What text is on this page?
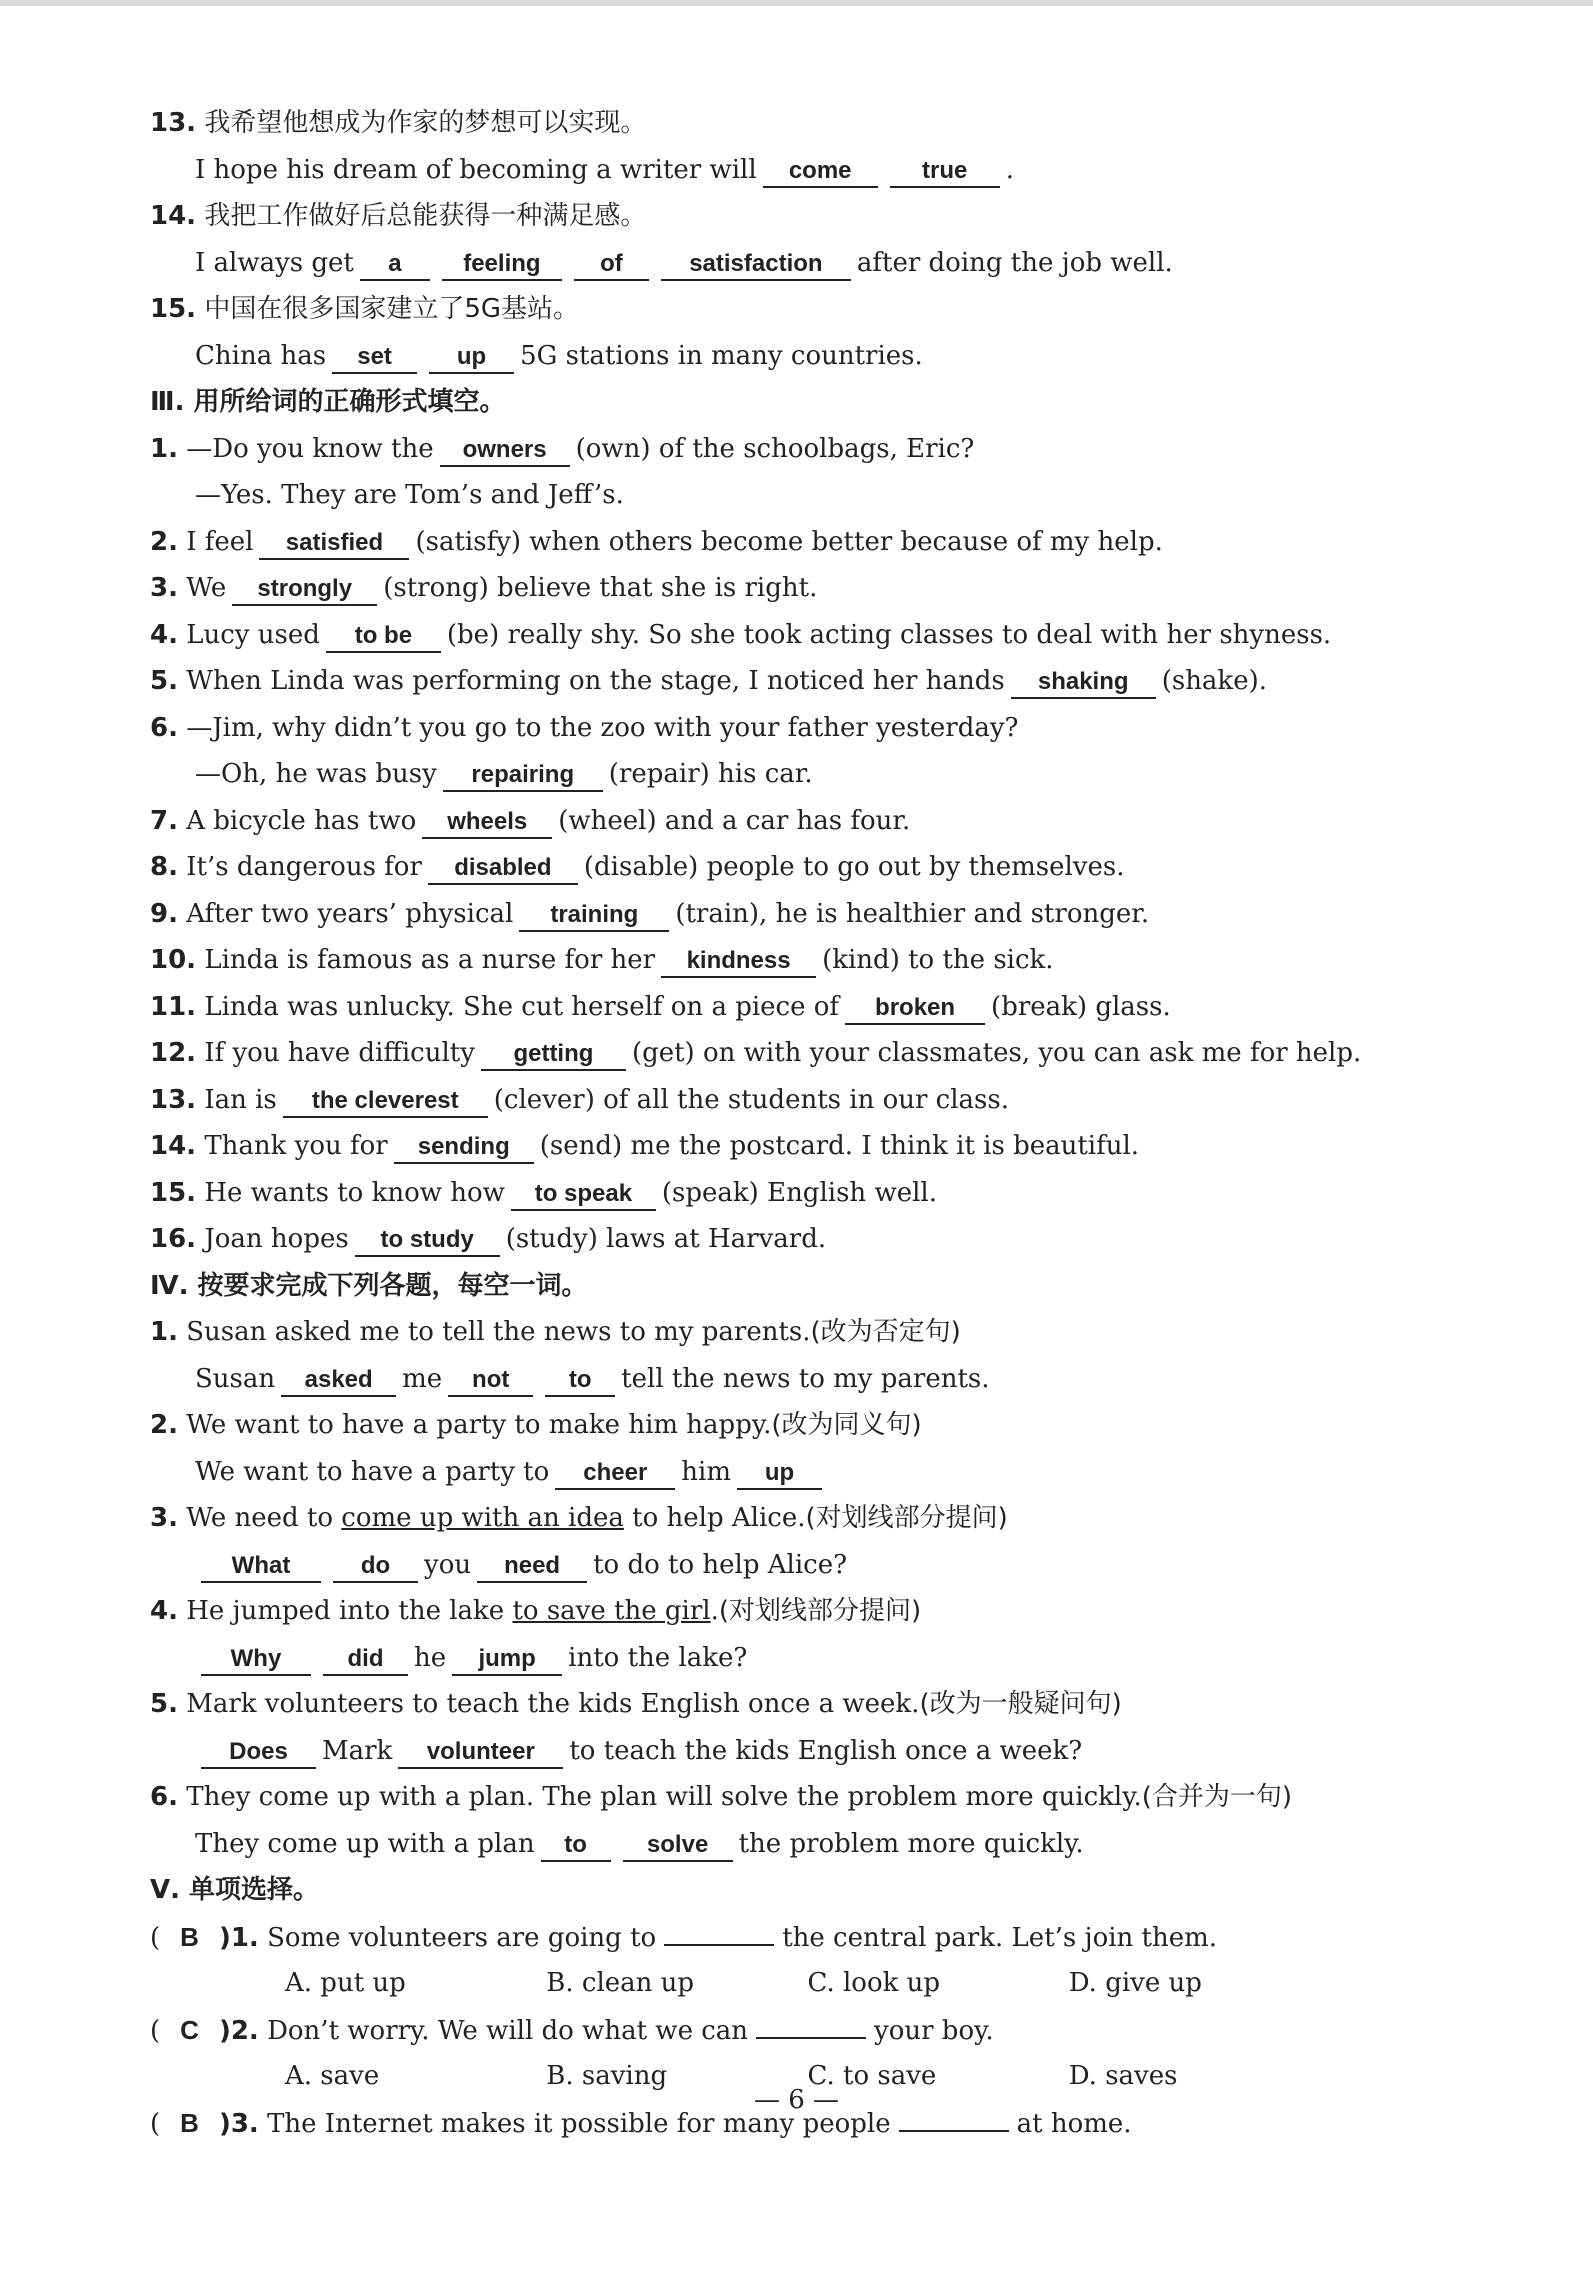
13. 我希望他想成为作家的梦想可以实现。
I hope his dream of becoming a writer will come	true .
14. 我把工作做好后总能获得一种满足感。
I always get a	feeling of	satisfaction after doing the job well.
15. 中国在很多国家建立了5G基站。
China has set	up 5G stations in many countries.
Ⅲ. 用所给词的正确形式填空。
1. —Do you know the owners (own) of the schoolbags, Eric?
—Yes. They are Tom’s and Jeff’s.
2. I feel satisfied (satisfy) when others become better because of my help.
3. We strongly (strong) believe that she is right.
4. Lucy used to be (be) really shy. So she took acting classes to deal with her shyness.
5. When Linda was performing on the stage, I noticed her hands shaking (shake).
6. —Jim, why didn’t you go to the zoo with your father yesterday?
—Oh, he was busy repairing (repair) his car.
7. A bicycle has two wheels (wheel) and a car has four.
8. It’s dangerous for disabled (disable) people to go out by themselves.
9. After two years’ physical training (train), he is healthier and stronger.
10. Linda is famous as a nurse for her kindness (kind) to the sick.
11. Linda was unlucky. She cut herself on a piece of broken (break) glass.
12. If you have difficulty getting (get) on with your classmates, you can ask me for help.
13. Ian is the cleverest (clever) of all the students in our class.
14. Thank you for sending (send) me the postcard. I think it is beautiful.
15. He wants to know how to speak (speak) English well.
16. Joan hopes to study (study) laws at Harvard.
Ⅳ. 按要求完成下列各题，每空一词。
1. Susan asked me to tell the news to my parents.(改为否定句)
Susan asked me not to tell the news to my parents.
2. We want to have a party to make him happy.(改为同义句)
We want to have a party to cheer him up
3. We need to come up with an idea to help Alice.(对划线部分提问)
What	do you need to do to help Alice?
4. He jumped into the lake to save the girl.(对划线部分提问)
Why	did he jump into the lake?
5. Mark volunteers to teach the kids English once a week.(改为一般疑问句)
Does Mark volunteer to teach the kids English once a week?
6. They come up with a plan. The plan will solve the problem more quickly.(合并为一句)
They come up with a plan to solve the problem more quickly.
Ⅴ. 单项选择。
( B )1. Some volunteers are going to	the central park. Let’s join them.
A. put up	B. clean up	C. look up	D. give up
( C )2. Don’t worry. We will do what we can	your boy.
A. save	B. saving	C. to save	D. saves
( B )3. The Internet makes it possible for many people	at home.
— 6 —
